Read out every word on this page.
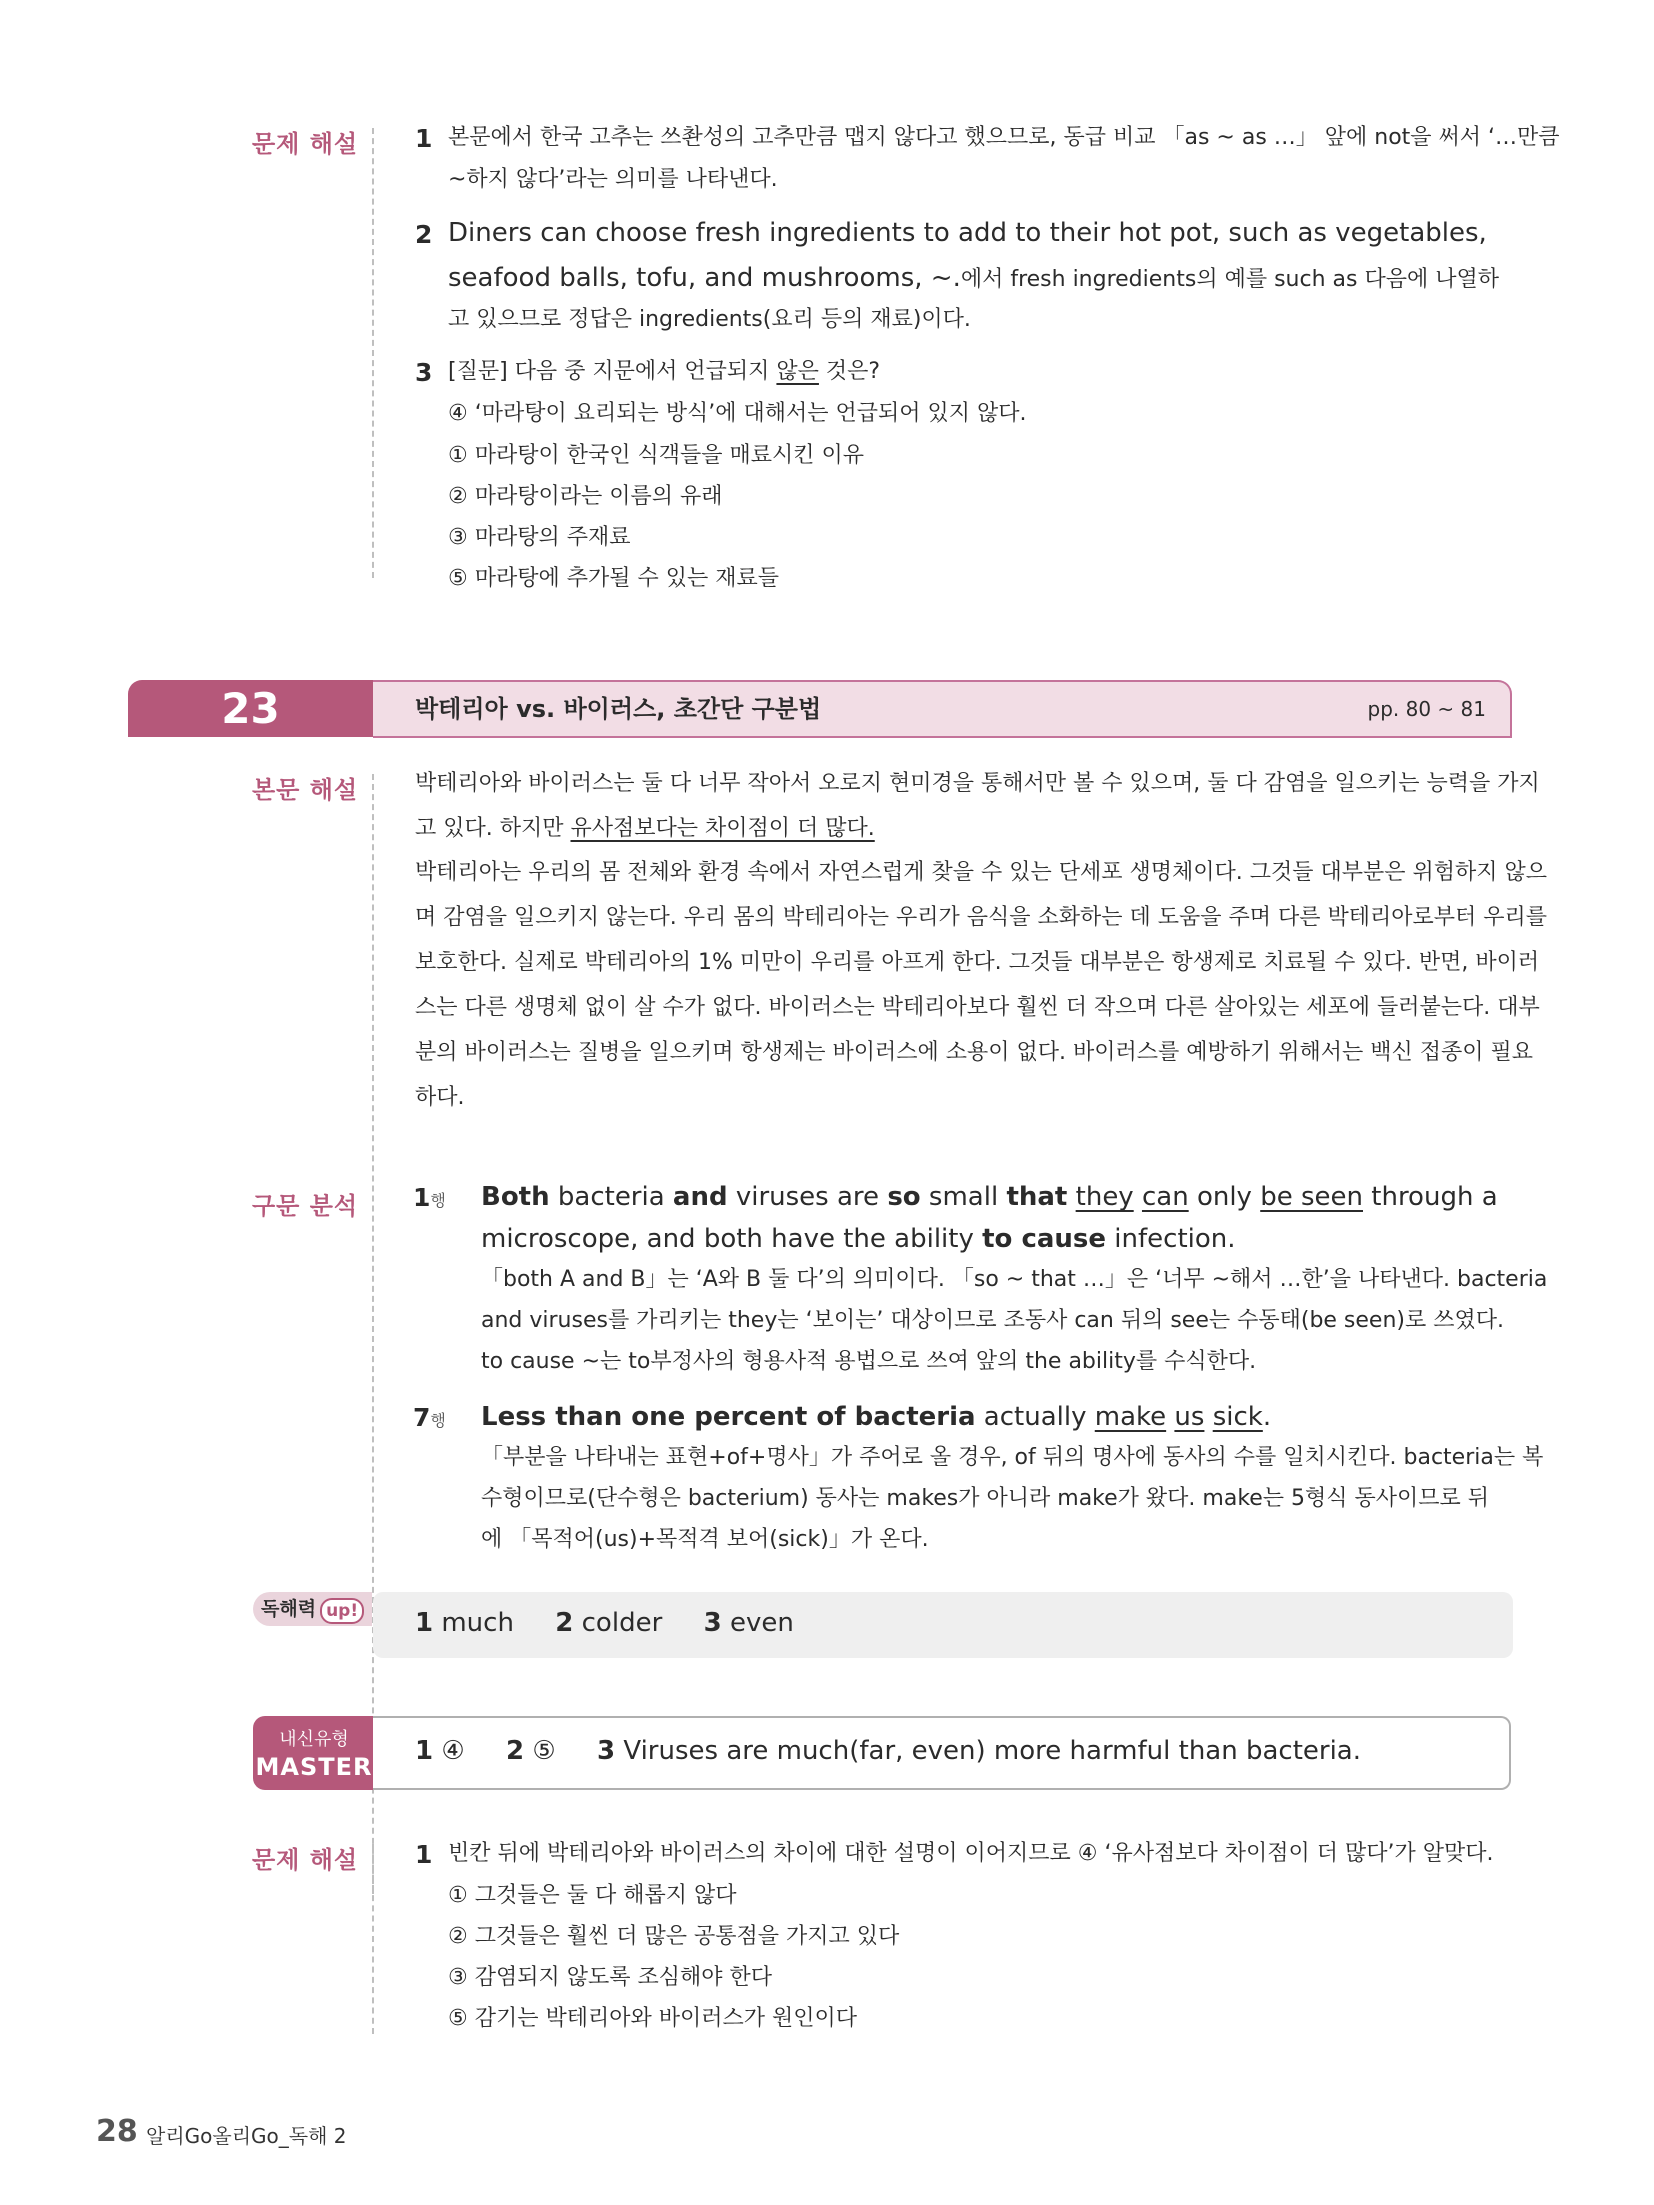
문제 해설 1 본문에서 한국 고추는 쓰촨성의 고추만큼 맵지 않다고 했으므로, 동급 비교 「as ~ as …」 앞에 not을 써서 ‘…만큼
~하지 않다’라는 의미를 나타낸다.
2 Diners can choose fresh ingredients to add to their hot pot, such as vegetables,
seafood balls, tofu, and mushrooms, ~.에서 fresh ingredients의 예를 such as 다음에 나열하
고 있으므로 정답은 ingredients(요리 등의 재료)이다.
3 [질문] 다음 중 지문에서 언급되지 않은 것은?
④ ‘마라탕이 요리되는 방식’에 대해서는 언급되어 있지 않다.
① 마라탕이 한국인 식객들을 매료시킨 이유
② 마라탕이라는 이름의 유래
③ 마라탕의 주재료
⑤ 마라탕에 추가될 수 있는 재료들
23	박테리아 vs. 바이러스, 초간단 구분법	pp. 80 ~ 81
본문 해설	박테리아와 바이러스는 둘 다 너무 작아서 오로지 현미경을 통해서만 볼 수 있으며, 둘 다 감염을 일으키는 능력을 가지
고 있다. 하지만 유사점보다는 차이점이 더 많다.
박테리아는 우리의 몸 전체와 환경 속에서 자연스럽게 찾을 수 있는 단세포 생명체이다. 그것들 대부분은 위험하지 않으
며 감염을 일으키지 않는다. 우리 몸의 박테리아는 우리가 음식을 소화하는 데 도움을 주며 다른 박테리아로부터 우리를
보호한다. 실제로 박테리아의 1% 미만이 우리를 아프게 한다. 그것들 대부분은 항생제로 치료될 수 있다. 반면, 바이러
스는 다른 생명체 없이 살 수가 없다. 바이러스는 박테리아보다 훨씬 더 작으며 다른 살아있는 세포에 들러붙는다. 대부
분의 바이러스는 질병을 일으키며 항생제는 바이러스에 소용이 없다. 바이러스를 예방하기 위해서는 백신 접종이 필요
하다.
구문 분석 1행 Both bacteria and viruses are so small that they can only be seen through a
microscope, and both have the ability to cause infection.
「both A and B」는 ‘A와 B 둘 다’의 의미이다. 「so ~ that …」은 ‘너무 ~해서 …한’을 나타낸다. bacteria
and viruses를 가리키는 they는 ‘보이는’ 대상이므로 조동사 can 뒤의 see는 수동태(be seen)로 쓰였다.
to cause ~는 to부정사의 형용사적 용법으로 쓰여 앞의 the ability를 수식한다.
7행 Less than one percent of bacteria actually make us sick.
「부분을 나타내는 표현+of+명사」가 주어로 올 경우, of 뒤의 명사에 동사의 수를 일치시킨다. bacteria는 복
수형이므로(단수형은 bacterium) 동사는 makes가 아니라 make가 왔다. make는 5형식 동사이므로 뒤
에 「목적어(us)+목적격 보어(sick)」가 온다.
1 much 2 colder 3 even
독해력 up!
내신유형
MASTER
1 ④ 2 ⑤ 3 Viruses are much(far, even) more harmful than bacteria.
문제 해설 1 빈칸 뒤에 박테리아와 바이러스의 차이에 대한 설명이 이어지므로 ④ ‘유사점보다 차이점이 더 많다’가 알맞다.
① 그것들은 둘 다 해롭지 않다
② 그것들은 훨씬 더 많은 공통점을 가지고 있다
③ 감염되지 않도록 조심해야 한다
⑤ 감기는 박테리아와 바이러스가 원인이다
28 알리Go올리Go_독해 2
